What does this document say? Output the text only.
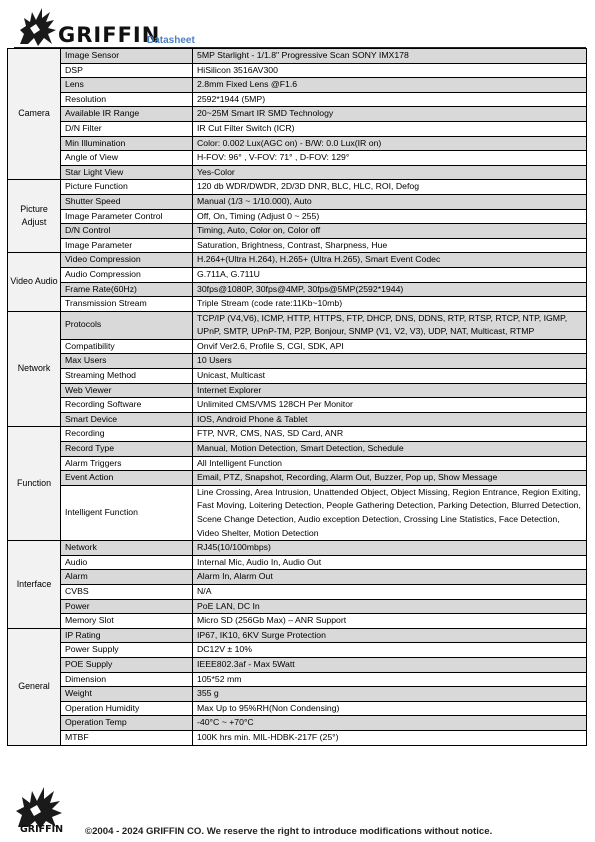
GRIFFIN
Datasheet
Camera	Image Sensor	5MP Starlight - 1/1.8" Progressive Scan SONY IMX178
	DSP	HiSilicon 3516AV300
	Lens	2.8mm Fixed Lens @F1.6
	Resolution	2592*1944 (5MP)
	Available IR Range	20~25M Smart IR SMD Technology
	D/N Filter	IR Cut Filter Switch (ICR)
	Min Illumination	Color: 0.002 Lux(AGC on) - B/W: 0.0 Lux(IR on)
	Angle of View	H-FOV: 96° , V-FOV: 71° , D-FOV: 129°
	Star Light View	Yes-Color
Picture Adjust	Picture Function	120 db WDR/DWDR, 2D/3D DNR, BLC, HLC, ROI, Defog
	Shutter Speed	Manual (1/3 ~ 1/10.000), Auto
	Image Parameter Control	Off, On, Timing (Adjust 0 ~ 255)
	D/N Control	Timing, Auto, Color on, Color off
	Image Parameter	Saturation, Brightness, Contrast, Sharpness, Hue
Video Audio	Video Compression	H.264+(Ultra H.264), H.265+ (Ultra H.265), Smart Event Codec
	Audio Compression	G.711A, G.711U
	Frame Rate(60Hz)	30fps@1080P, 30fps@4MP, 30fps@5MP(2592*1944)
	Transmission Stream	Triple Stream (code rate:11Kb~10mb)
Network	Protocols	TCP/IP (V4,V6), ICMP, HTTP, HTTPS, FTP, DHCP, DNS, DDNS, RTP, RTSP, RTCP, NTP, IGMP, UPnP, SMTP, UPnP-TM, P2P, Bonjour, SNMP (V1, V2, V3), UDP, NAT, Multicast, RTMP
	Compatibility	Onvif Ver2.6, Profile S, CGI, SDK, API
	Max Users	10 Users
	Streaming Method	Unicast, Multicast
	Web Viewer	Internet Explorer
	Recording Software	Unlimited CMS/VMS 128CH Per Monitor
	Smart Device	IOS, Android Phone & Tablet
Function	Recording	FTP, NVR, CMS, NAS, SD Card, ANR
	Record Type	Manual, Motion Detection, Smart Detection, Schedule
	Alarm Triggers	All Intelligent Function
	Event Action	Email, PTZ, Snapshot, Recording, Alarm Out, Buzzer, Pop up, Show Message
	Intelligent Function	Line Crossing, Area Intrusion, Unattended Object, Object Missing, Region Entrance, Region Exiting, Fast Moving, Loitering Detection, People Gathering Detection, Parking Detection, Blurred Detection, Scene Change Detection, Audio exception Detection, Crossing Line Statistics, Face Detection, Video Shelter, Motion Detection
Interface	Network	RJ45(10/100mbps)
	Audio	Internal Mic, Audio In, Audio Out
	Alarm	Alarm In, Alarm Out
	CVBS	N/A
	Power	PoE LAN, DC In
	Memory Slot	Micro SD (256Gb Max) – ANR Support
General	IP Rating	IP67, IK10, 6KV Surge Protection
	Power Supply	DC12V ± 10%
	POE Supply	IEEE802.3af - Max 5Watt
	Dimension	105*52 mm
	Weight	355 g
	Operation Humidity	Max Up to 95%RH(Non Condensing)
	Operation Temp	-40°C ~ +70°C
	MTBF	100K hrs min. MIL-HDBK-217F (25°)
GRIFFIN ©2004 - 2024 GRIFFIN CO. We reserve the right to introduce modifications without notice.
